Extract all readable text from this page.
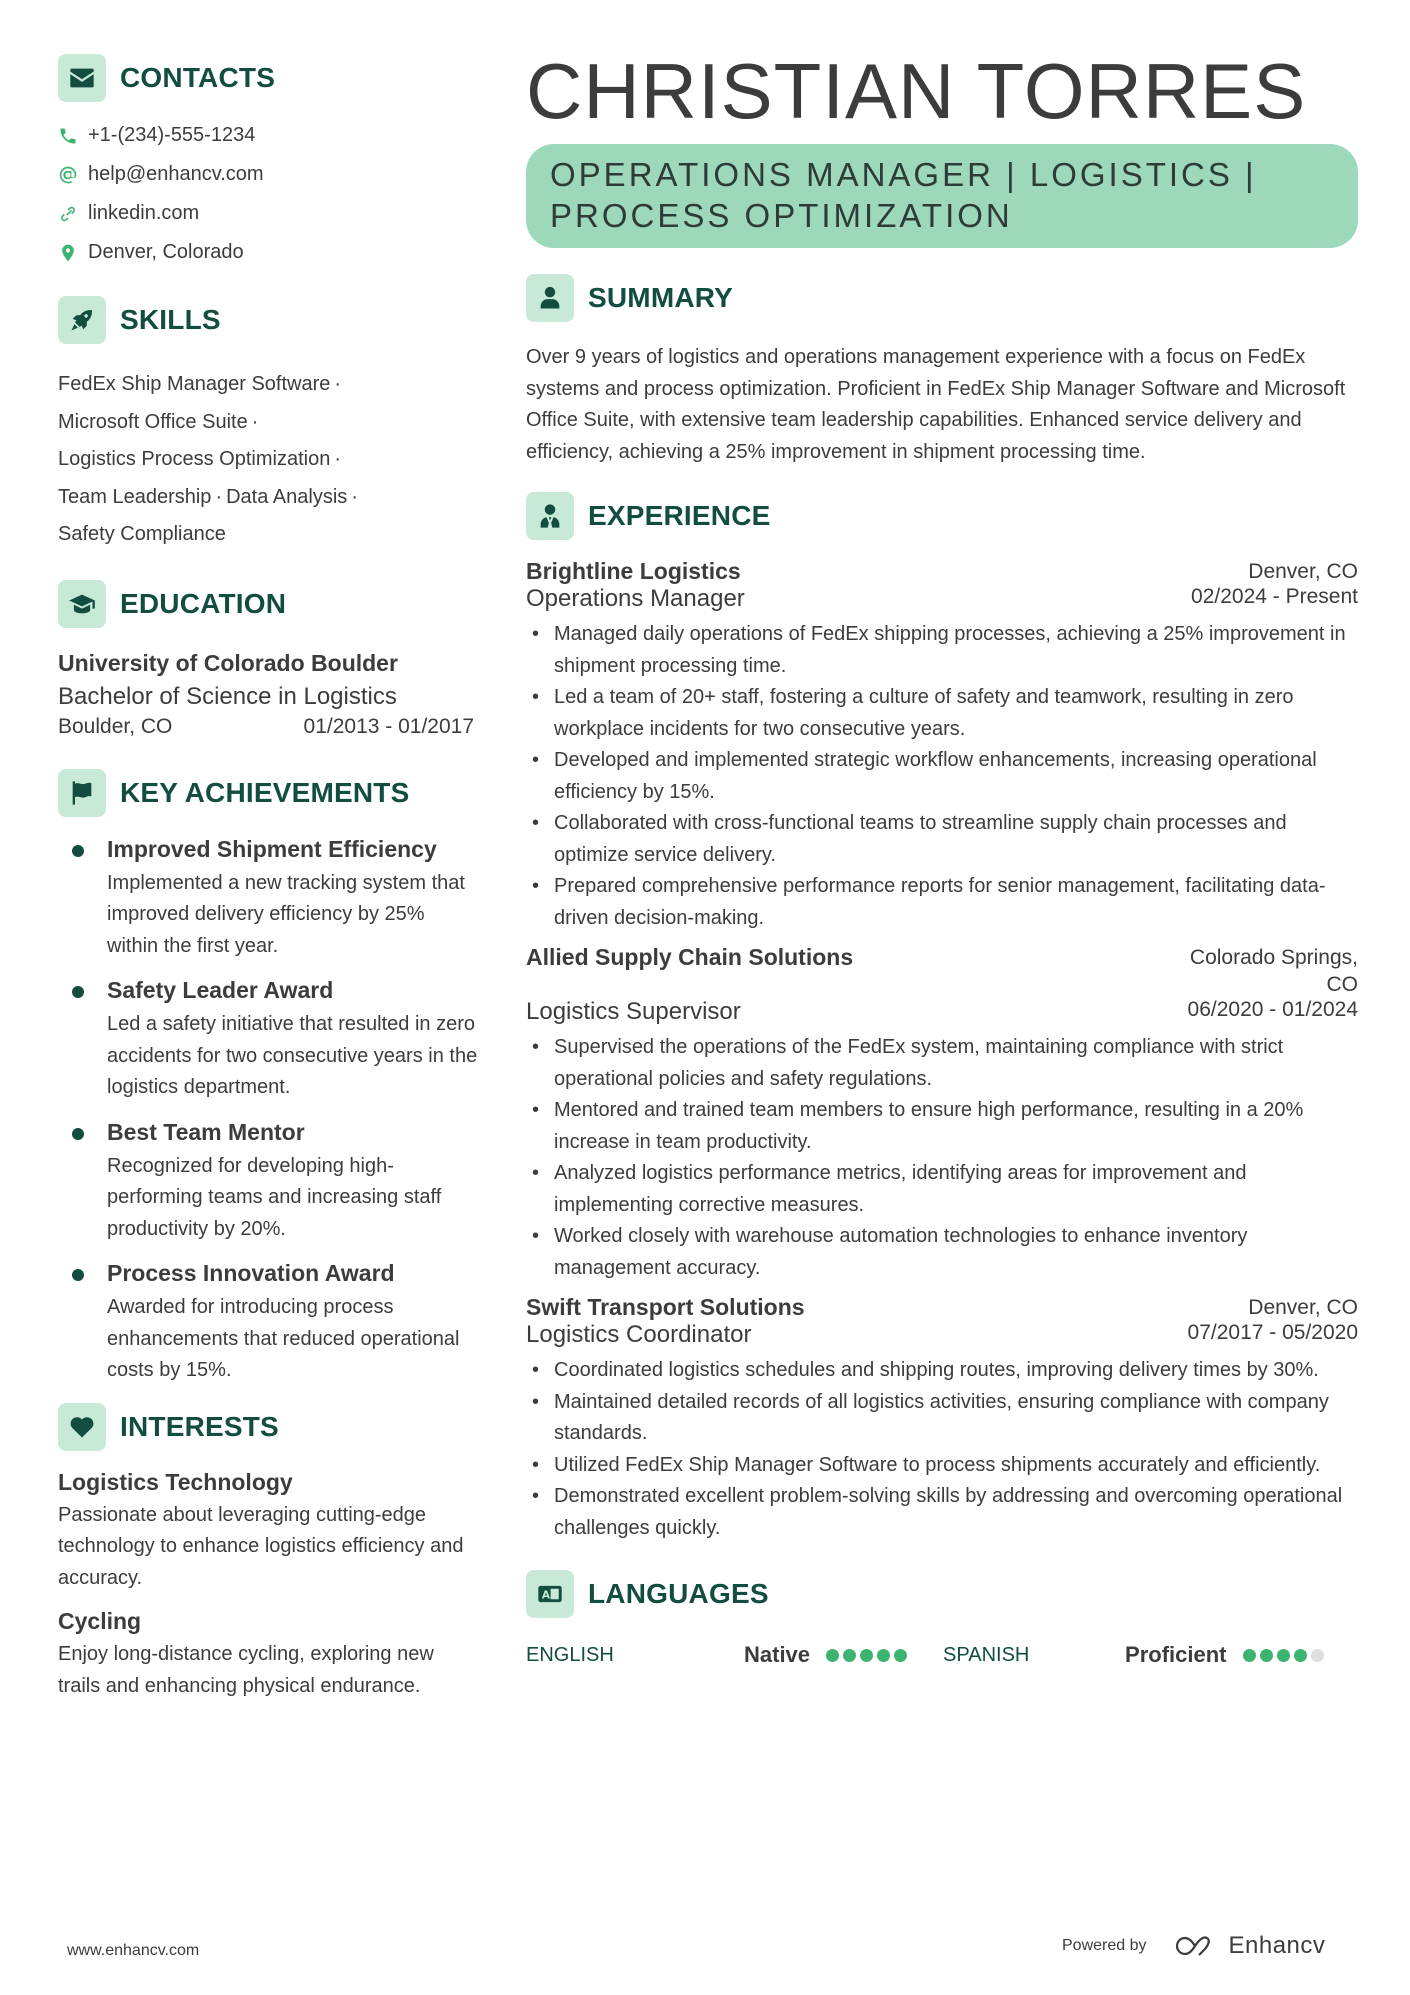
CONTACTS
+1-(234)-555-1234
help@enhancv.com
linkedin.com
Denver, Colorado
SKILLS
FedEx Ship Manager Software ·
Microsoft Office Suite ·
Logistics Process Optimization ·
Team Leadership · Data Analysis ·
Safety Compliance
EDUCATION
University of Colorado Boulder
Bachelor of Science in Logistics
Boulder, CO	01/2013 - 01/2017
KEY ACHIEVEMENTS
Improved Shipment Efficiency
Implemented a new tracking system that improved delivery efficiency by 25% within the first year.
Safety Leader Award
Led a safety initiative that resulted in zero accidents for two consecutive years in the logistics department.
Best Team Mentor
Recognized for developing high-performing teams and increasing staff productivity by 20%.
Process Innovation Award
Awarded for introducing process enhancements that reduced operational costs by 15%.
INTERESTS
Logistics Technology
Passionate about leveraging cutting-edge technology to enhance logistics efficiency and accuracy.
Cycling
Enjoy long-distance cycling, exploring new trails and enhancing physical endurance.
CHRISTIAN TORRES
OPERATIONS MANAGER | LOGISTICS | PROCESS OPTIMIZATION
SUMMARY

Over 9 years of logistics and operations management experience with a focus on FedEx systems and process optimization. Proficient in FedEx Ship Manager Software and Microsoft Office Suite, with extensive team leadership capabilities. Enhanced service delivery and efficiency, achieving a 25% improvement in shipment processing time.

EXPERIENCE
Brightline Logistics	Denver, CO
Operations Manager	02/2024 - Present
• Managed daily operations of FedEx shipping processes, achieving a 25% improvement in shipment processing time.
• Led a team of 20+ staff, fostering a culture of safety and teamwork, resulting in zero workplace incidents for two consecutive years.
• Developed and implemented strategic workflow enhancements, increasing operational efficiency by 15%.
• Collaborated with cross-functional teams to streamline supply chain processes and optimize service delivery.
• Prepared comprehensive performance reports for senior management, facilitating data-driven decision-making.
Allied Supply Chain Solutions	Colorado Springs, CO
Logistics Supervisor	06/2020 - 01/2024
• Supervised the operations of the FedEx system, maintaining compliance with strict operational policies and safety regulations.
• Mentored and trained team members to ensure high performance, resulting in a 20% increase in team productivity.
• Analyzed logistics performance metrics, identifying areas for improvement and implementing corrective measures.
• Worked closely with warehouse automation technologies to enhance inventory management accuracy.
Swift Transport Solutions	Denver, CO
Logistics Coordinator	07/2017 - 05/2020
• Coordinated logistics schedules and shipping routes, improving delivery times by 30%.
• Maintained detailed records of all logistics activities, ensuring compliance with company standards.
• Utilized FedEx Ship Manager Software to process shipments accurately and efficiently.
• Demonstrated excellent problem-solving skills by addressing and overcoming operational challenges quickly.
A LANGUAGES
ENGLISH	Native	SPANISH	Proficient
www.enhancv.com	Powered by	Enhancv
